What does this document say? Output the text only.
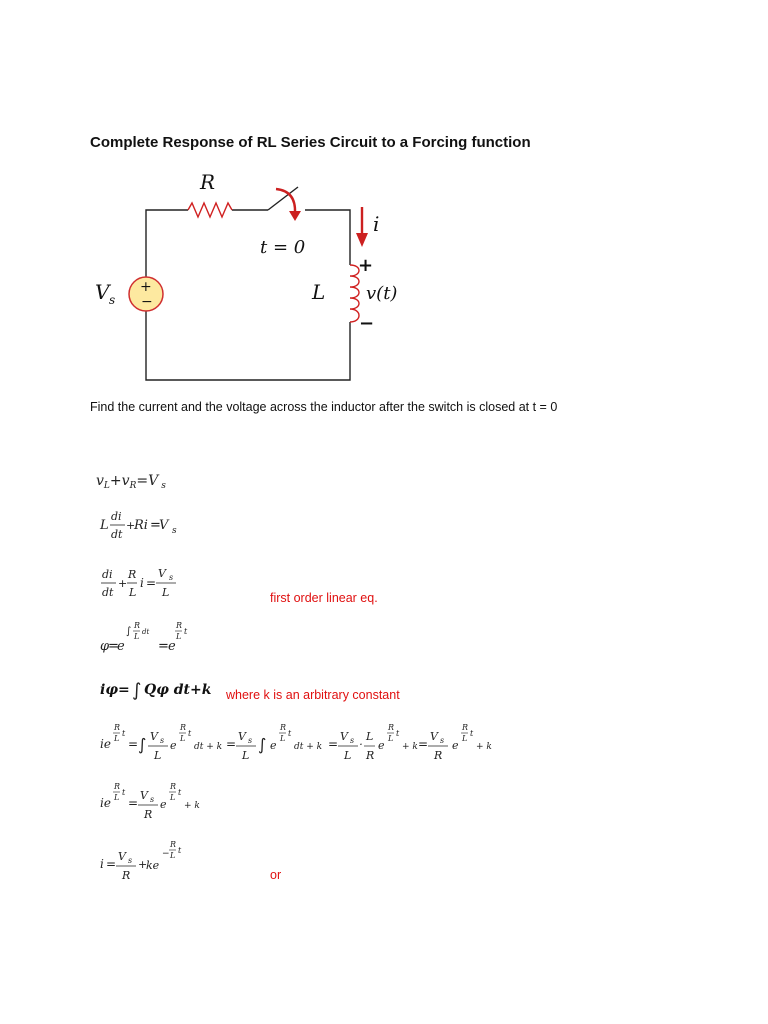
Complete Response of RL Series Circuit to a Forcing function
+
−
R
t = 0
i
V s	L v(t)
+
−
Find the current and the voltage across the inductor after the switch is closed at t = 0
$v_L+v_R=V$ $_s$
L
di
dt
+
Ri =
V s
di
dt
+
R
L
i =
V s
L	first order linear eq.
φ
=
e
∫
R
L dt
= e
R
L
t
iφ= ∫ Qφ dt+k where k is an arbitrary constant
ie
R
L
t
= ∫ V s
L
e
R
L
t
dt + k =
V s
L
∫ e
R
L
t
dt + k =
V s
L
·
L
R
e
R
L
t
+ k =
V s
R
e
R
L
t
+ k
ie
R
L
t
=
V s
R
e
R
L
t
+ k
i =
V s
R
+
ke
−
R
L
t
or
